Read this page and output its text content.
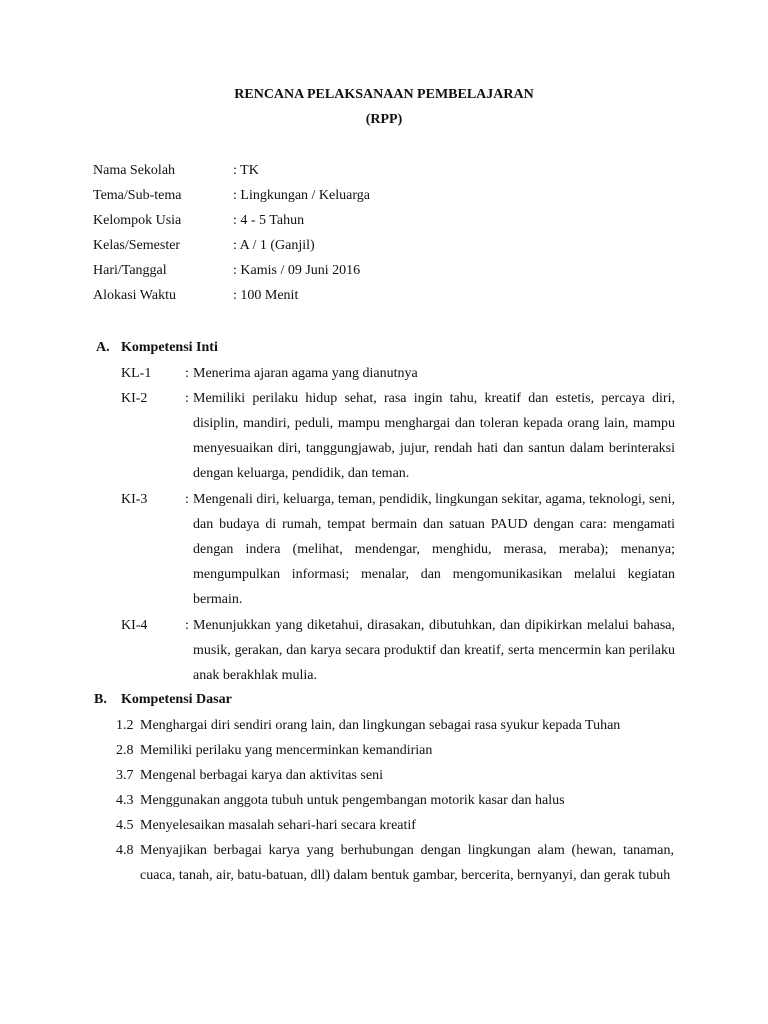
RENCANA PELAKSANAAN PEMBELAJARAN
(RPP)
Nama Sekolah	: TK
Tema/Sub-tema	: Lingkungan / Keluarga
Kelompok Usia	: 4 - 5 Tahun
Kelas/Semester	: A / 1 (Ganjil)
Hari/Tanggal	: Kamis / 09 Juni 2016
Alokasi Waktu	: 100 Menit
A. Kompetensi Inti
KL-1 : Menerima ajaran agama yang dianutnya
KI-2	: Memiliki perilaku hidup sehat, rasa ingin tahu, kreatif dan estetis, percaya diri, disiplin, mandiri, peduli, mampu menghargai dan toleran kepada orang lain, mampu menyesuaikan diri, tanggungjawab, jujur, rendah hati dan santun dalam berinteraksi dengan keluarga, pendidik, dan teman.
KI-3	: Mengenali diri, keluarga, teman, pendidik, lingkungan sekitar, agama, teknologi, seni, dan budaya di rumah, tempat bermain dan satuan PAUD dengan cara: mengamati dengan indera (melihat, mendengar, menghidu, merasa, meraba); menanya; mengumpulkan informasi; menalar, dan mengomunikasikan melalui kegiatan bermain.
KI-4	: Menunjukkan yang diketahui, dirasakan, dibutuhkan, dan dipikirkan melalui bahasa, musik, gerakan, dan karya secara produktif dan kreatif, serta mencermin kan perilaku anak berakhlak mulia.
B. Kompetensi Dasar
1.2 Menghargai diri sendiri orang lain, dan lingkungan sebagai rasa syukur kepada Tuhan
2.8 Memiliki perilaku yang mencerminkan kemandirian
3.7 Mengenal berbagai karya dan aktivitas seni
4.3 Menggunakan anggota tubuh untuk pengembangan motorik kasar dan halus
4.5 Menyelesaikan masalah sehari-hari secara kreatif
4.8 Menyajikan berbagai karya yang berhubungan dengan lingkungan alam (hewan, tanaman, cuaca, tanah, air, batu-batuan, dll) dalam bentuk gambar, bercerita, bernyanyi, dan gerak tubuh
